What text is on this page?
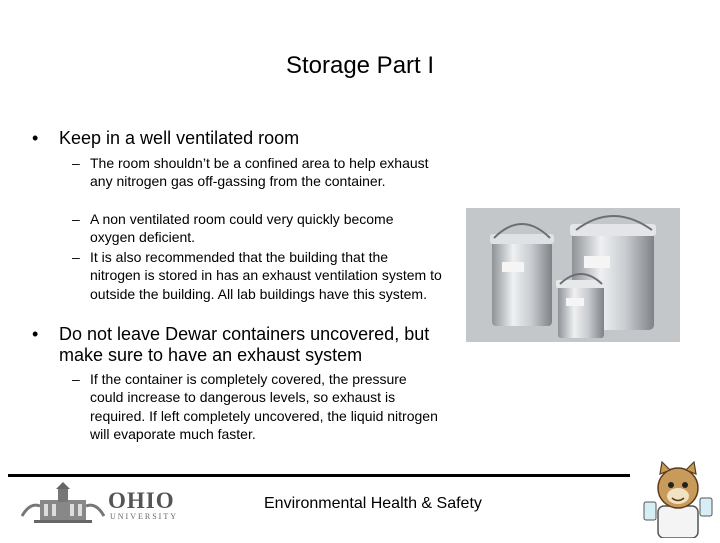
Storage Part I
• Keep in a well ventilated room
– The room shouldn’t be a confined area to help exhaust any nitrogen gas off-gassing from the container.
– A non ventilated room could very quickly become oxygen deficient.
– It is also recommended that the building that the nitrogen is stored in has an exhaust ventilation system to outside the building. All lab buildings have this system.
• Do not leave Dewar containers uncovered, but make sure to have an exhaust system
– If the container is completely covered, the pressure could increase to dangerous levels, so exhaust is required. If left completely uncovered, the liquid nitrogen will evaporate much faster.
OHIO
UNIVERSITY
Environmental Health & Safety
